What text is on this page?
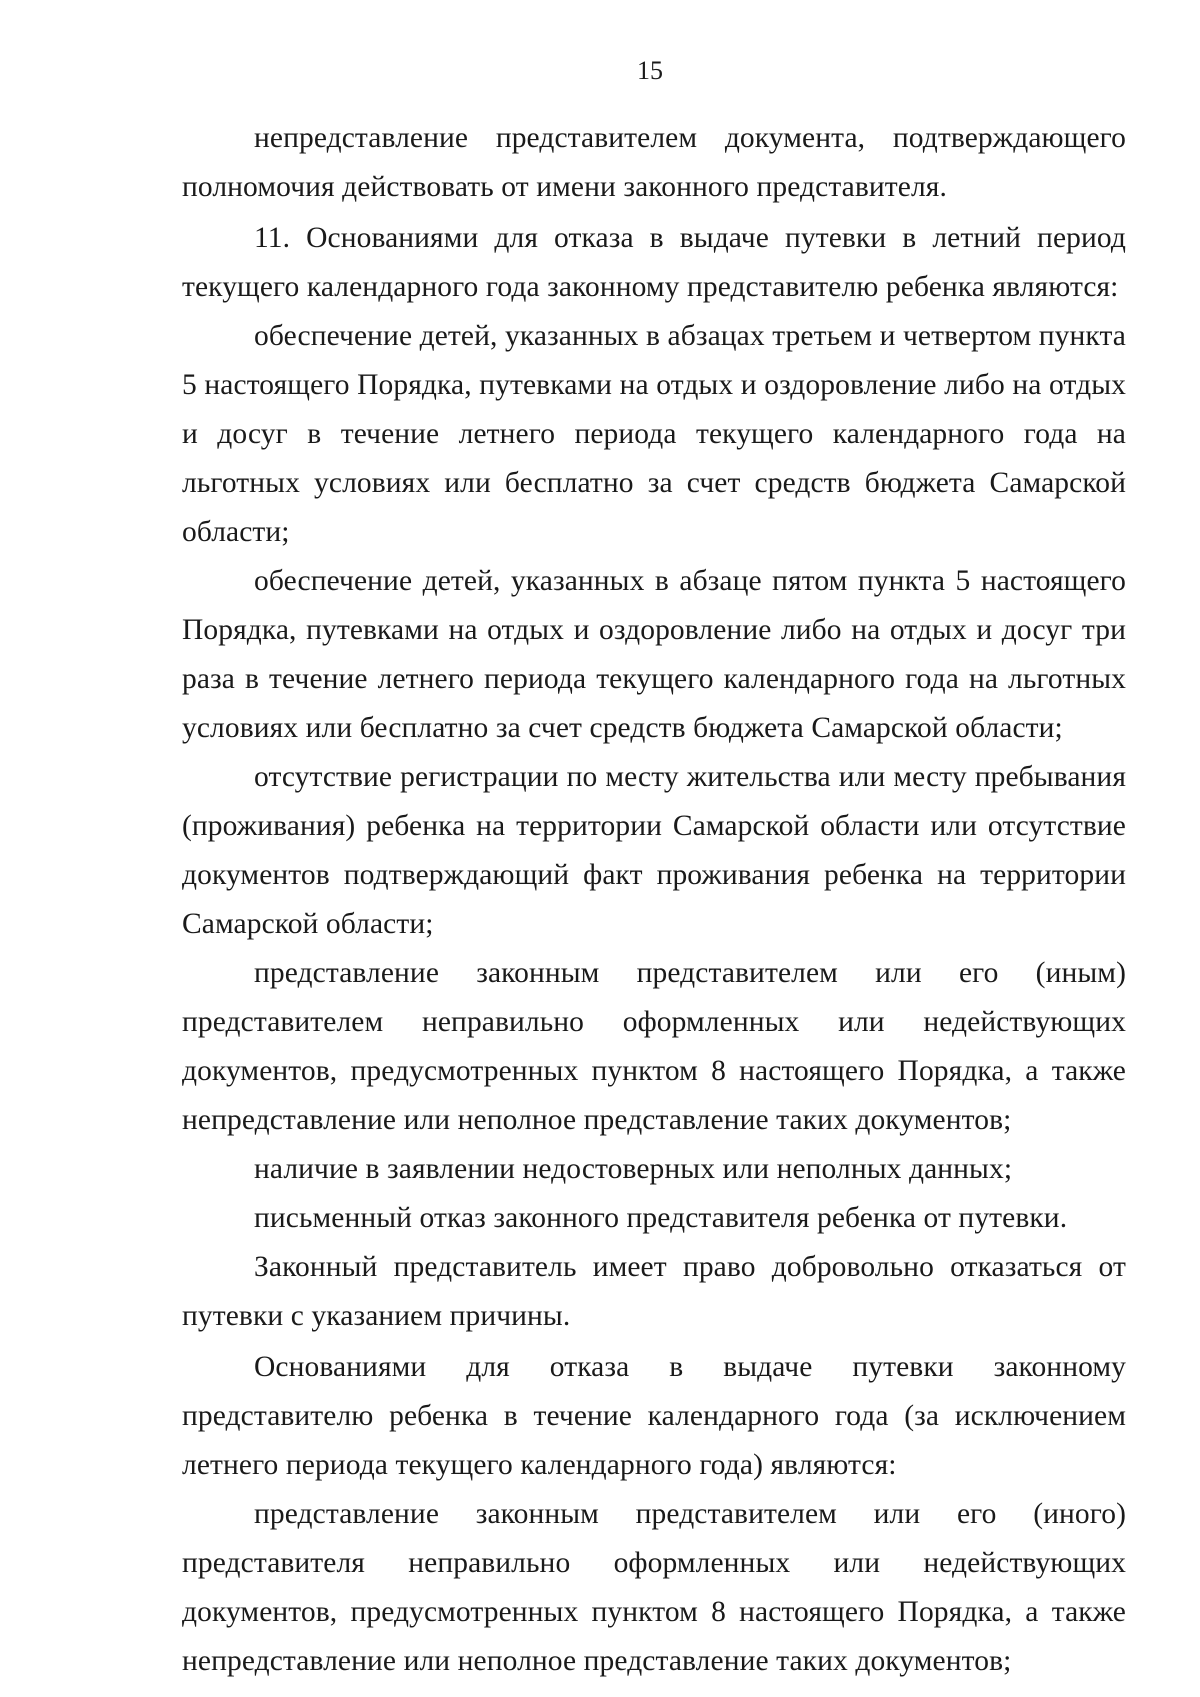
15

непредставление представителем документа, подтверждающего полномочия действовать от имени законного представителя.

11. Основаниями для отказа в выдаче путевки в летний период текущего календарного года законному представителю ребенка являются:

обеспечение детей, указанных в абзацах третьем и четвертом пункта 5 настоящего Порядка, путевками на отдых и оздоровление либо на отдых и досуг в течение летнего периода текущего календарного года на льготных условиях или бесплатно за счет средств бюджета Самарской области;

обеспечение детей, указанных в абзаце пятом пункта 5 настоящего Порядка, путевками на отдых и оздоровление либо на отдых и досуг три раза в течение летнего периода текущего календарного года на льготных условиях или бесплатно за счет средств бюджета Самарской области;

отсутствие регистрации по месту жительства или месту пребывания (проживания) ребенка на территории Самарской области или отсутствие документов подтверждающий факт проживания ребенка на территории Самарской области;

представление законным представителем или его (иным) представителем неправильно оформленных или недействующих документов, предусмотренных пунктом 8 настоящего Порядка, а также непредставление или неполное представление таких документов;

наличие в заявлении недостоверных или неполных данных;

письменный отказ законного представителя ребенка от путевки.

Законный представитель имеет право добровольно отказаться от путевки с указанием причины.

Основаниями для отказа в выдаче путевки законному представителю ребенка в течение календарного года (за исключением летнего периода текущего календарного года) являются:

представление законным представителем или его (иного) представителя неправильно оформленных или недействующих документов, предусмотренных пунктом 8 настоящего Порядка, а также непредставление или неполное представление таких документов;
